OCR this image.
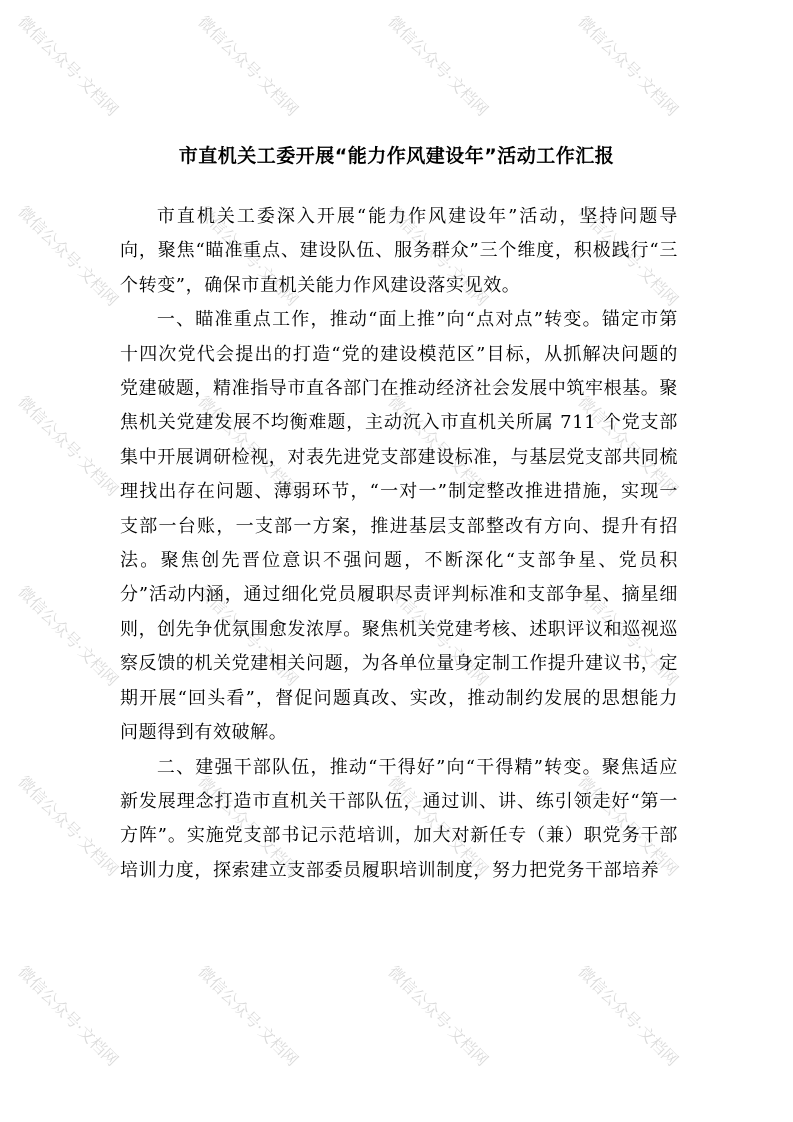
微信公众号·文档网	微信公众号·文档网	微信公众号·文档网	微信公众号·文档网
微信公众号·文档网	微信公众号·文档网	微信公众号·文档网	微信公众号·文档网
微信公众号·文档网	微信公众号·文档网	微信公众号·文档网	微信公众号·文档网
微信公众号·文档网	微信公众号·文档网	微信公众号·文档网	微信公众号·文档网
微信公众号·文档网	微信公众号·文档网	微信公众号·文档网	微信公众号·文档网
微信公众号·文档网	微信公众号·文档网	微信公众号·文档网	微信公众号·文档网
市直机关工委开展“能力作风建设年”活动工作汇报

市直机关工委深入开展“能力作风建设年”活动，坚持问题导向，聚焦“瞄准重点、建设队伍、服务群众”三个维度，积极践行“三个转变”，确保市直机关能力作风建设落实见效。

一、瞄准重点工作，推动“面上推”向“点对点”转变。锚定市第十四次党代会提出的打造“党的建设模范区”目标，从抓解决问题的党建破题，精准指导市直各部门在推动经济社会发展中筑牢根基。聚焦机关党建发展不均衡难题，主动沉入市直机关所属 711 个党支部集中开展调研检视，对表先进党支部建设标准，与基层党支部共同梳理找出存在问题、薄弱环节，“一对一”制定整改推进措施，实现一支部一台账，一支部一方案，推进基层支部整改有方向、提升有招法。聚焦创先晋位意识不强问题，不断深化“支部争星、党员积分”活动内涵，通过细化党员履职尽责评判标准和支部争星、摘星细则，创先争优氛围愈发浓厚。聚焦机关党建考核、述职评议和巡视巡察反馈的机关党建相关问题，为各单位量身定制工作提升建议书，定期开展“回头看”，督促问题真改、实改，推动制约发展的思想能力问题得到有效破解。

二、建强干部队伍，推动“干得好”向“干得精”转变。聚焦适应新发展理念打造市直机关干部队伍，通过训、讲、练引领走好“第一方阵”。实施党支部书记示范培训，加大对新任专（兼）职党务干部培训力度，探索建立支部委员履职培训制度，努力把党务干部培养
